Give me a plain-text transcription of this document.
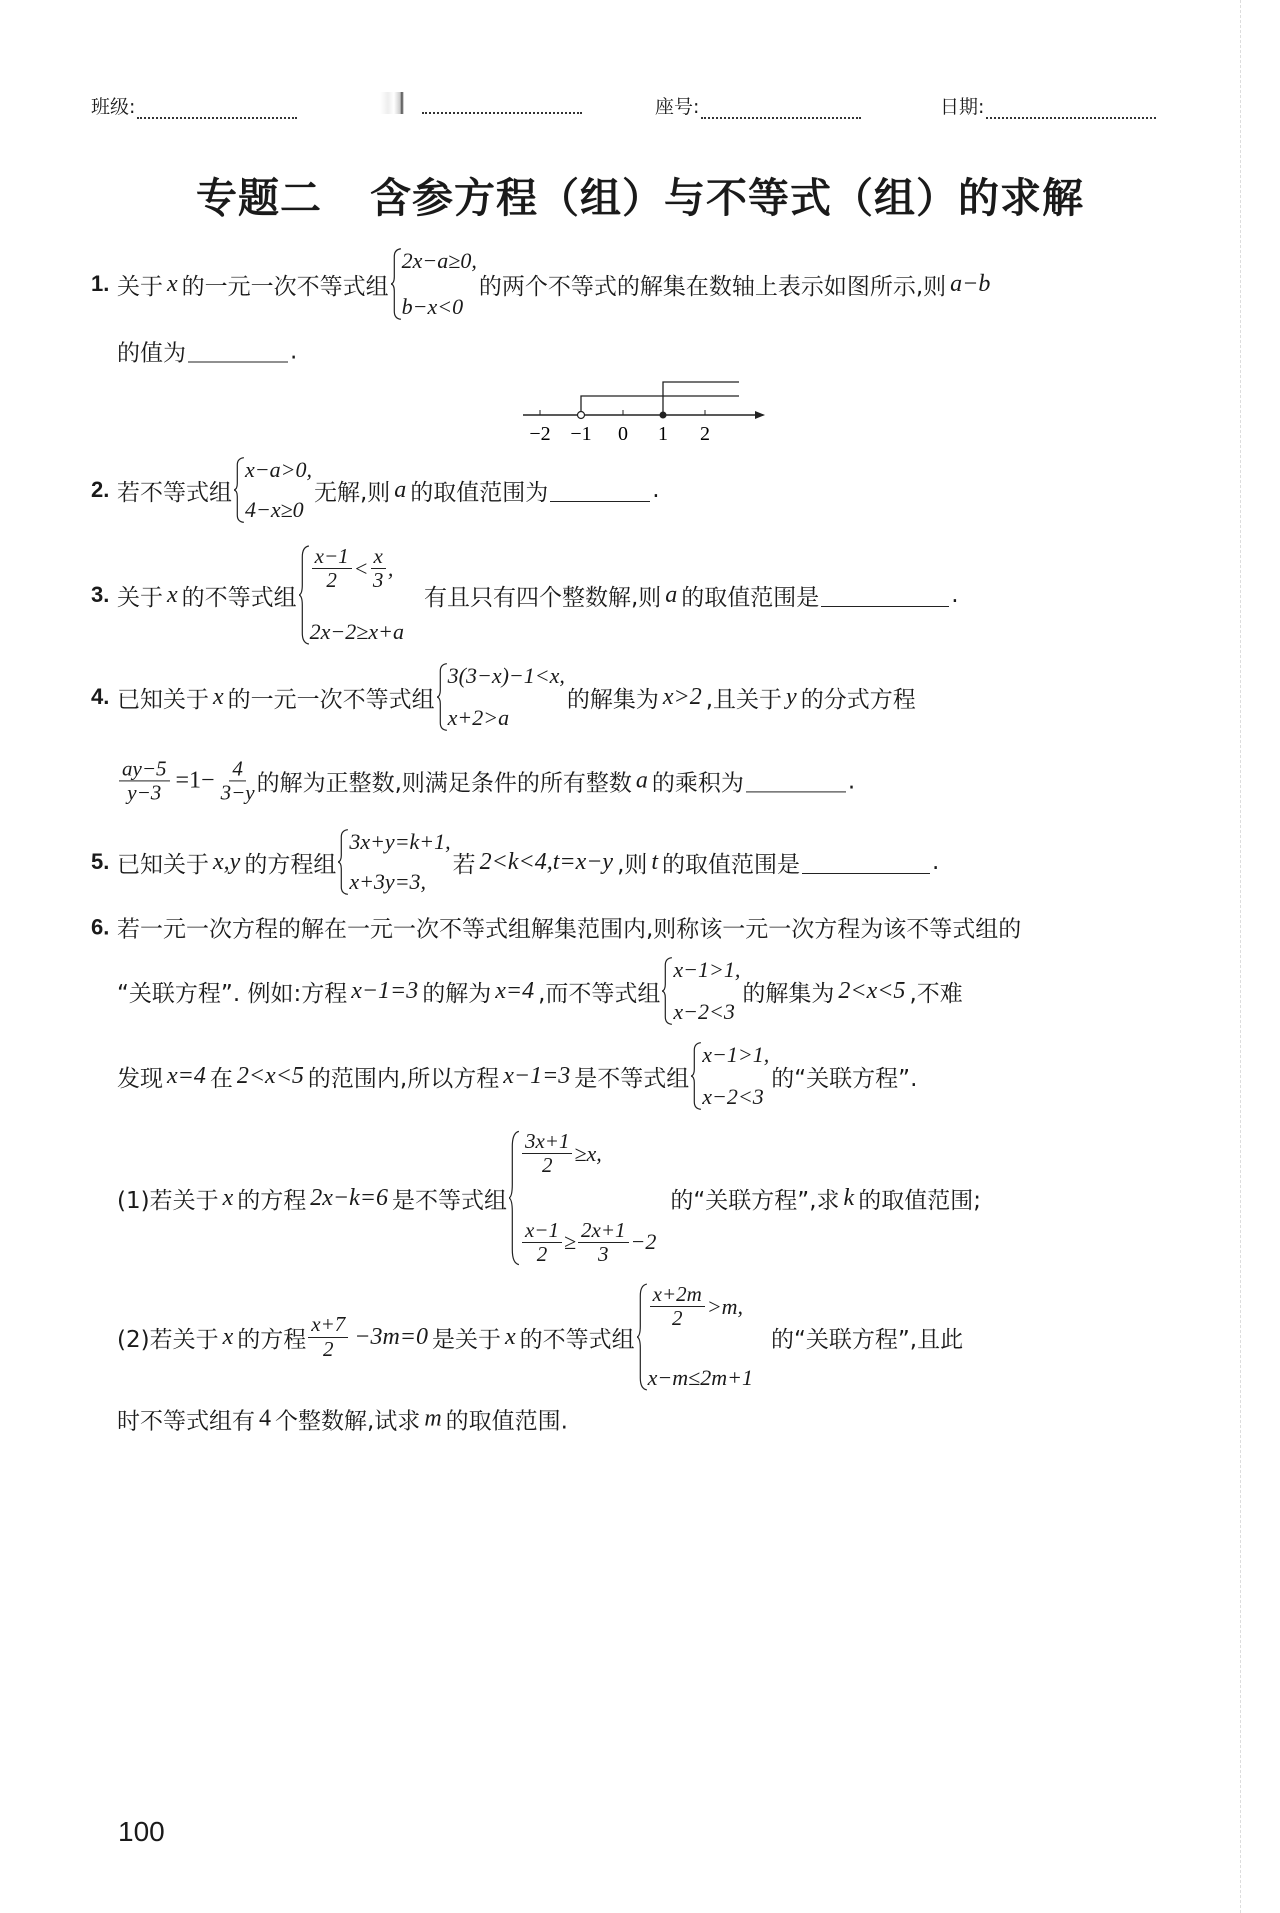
班级:	座号:	日期:
专题二 含参方程（组）与不等式（组）的求解
1. 关于 x 的一元一次不等式组
2x−a≥0,
b−x<0
的两个不等式的解集在数轴上表示如图所示,则 a−b
的值为	.
−2 −1 0 1 2
2. 若不等式组
x−a>0,
4−x≥0
无解,则 a 的取值范围为	.
3. 关于 x 的不等式组
$\frac{x-1}{2} < \frac{x}{3}$ ,
2x−2≥x+a
有且只有四个整数解,则 a 的取值范围是	.
4. 已知关于 x 的一元一次不等式组
3(3−x)−1<x,
x+2>a
的解集为 x>2 ,且关于 y 的分式方程
$\frac{ay-5}{y-3} =1- \frac{4}{3-y}$ 的解为正整数,则满足条件的所有整数 a 的乘积为	.
5. 已知关于 x,y 的方程组
3x+y=k+1,
x+3y=3,
若 2<k<4,t=x−y ,则 t 的取值范围是	.
6. 若一元一次方程的解在一元一次不等式组解集范围内,则称该一元一次方程为该不等式组的
“关联方程”. 例如:方程 x−1=3 的解为 x=4 ,而不等式组
x−1>1,
x−2<3
的解集为 2<x<5 ,不难
发现 x=4 在 2<x<5 的范围内,所以方程 x−1=3 是不等式组
x−1>1,
x−2<3
的“关联方程”.
(1)若关于 x 的方程 2x−k=6 是不等式组
$\frac{3x+1}{2} \ge x$,
$\frac{x-1}{2} \ge \frac{2x+1}{3} -2$
的“关联方程”,求 k 的取值范围;
(2)若关于 x 的方程 $\frac{x+7}{2} -3m=0$ 是关于 x 的不等式组
$\frac{x+2m}{2} >m$,
x−m≤2m+1
的“关联方程”,且此
时不等式组有 4 个整数解,试求 m 的取值范围.
100
